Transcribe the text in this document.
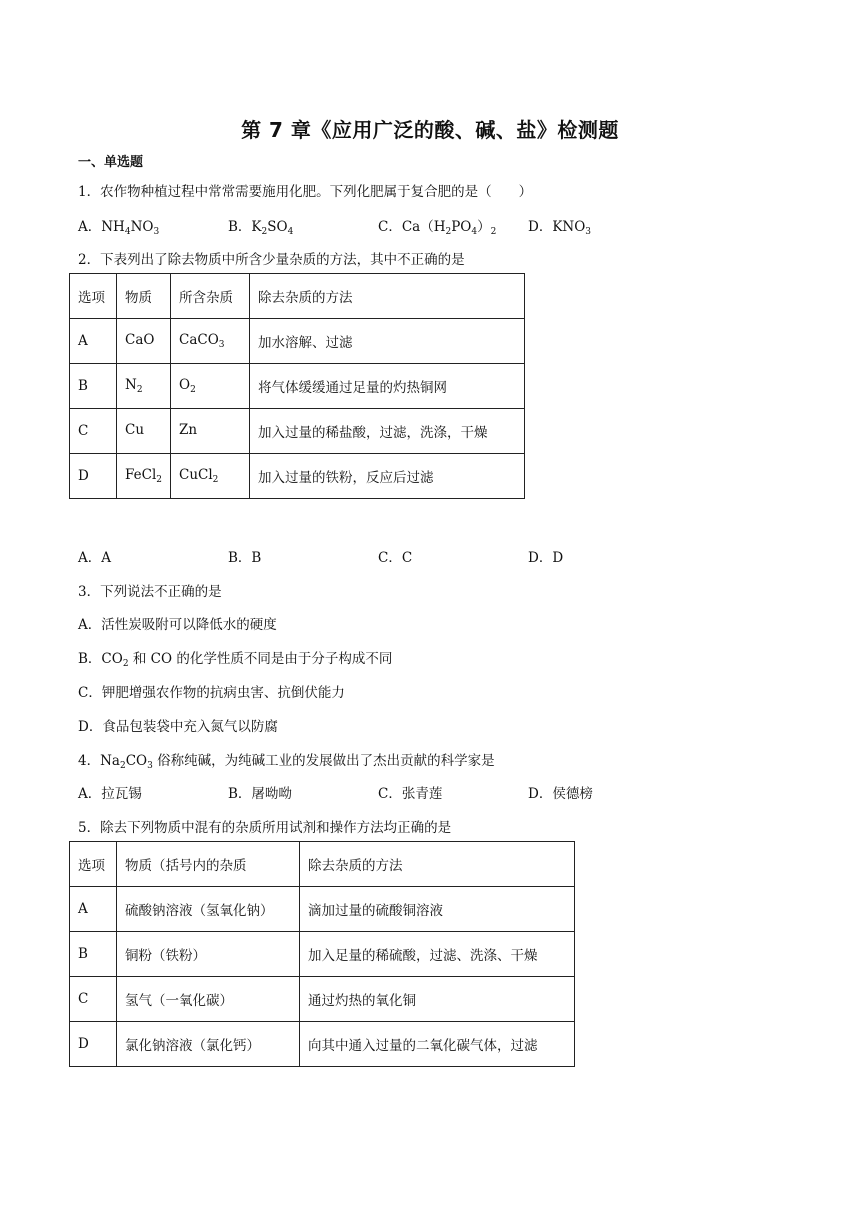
第 7 章《应用广泛的酸、碱、盐》检测题
一、单选题
1．农作物种植过程中常常需要施用化肥。下列化肥属于复合肥的是（　　）
A．$NH_4NO_3$	B．$K_2SO_4$	C．$Ca(H_2PO_4)_2$ D．$KNO_3$
2．下表列出了除去物质中所含少量杂质的方法，其中不正确的是
选项	物质	所含杂质	除去杂质的方法
A	CaO	CaCO$_3$	加水溶解、过滤
B	$N_2$	$O_2$	将气体缓缓通过足量的灼热铜网
C	Cu	Zn	加入过量的稀盐酸，过滤，洗涤，干燥
D	FeCl$_2$	CuCl$_2$	加入过量的铁粉，反应后过滤
A．A	B．B	C．C	D．D
3．下列说法不正确的是
A．活性炭吸附可以降低水的硬度
B．$CO_2$ 和 CO 的化学性质不同是由于分子构成不同
C．钾肥增强农作物的抗病虫害、抗倒伏能力
D．食品包装袋中充入氮气以防腐
4．$Na_2CO_3$ 俗称纯碱，为纯碱工业的发展做出了杰出贡献的科学家是
A．拉瓦锡	B．屠呦呦	C．张青莲	D．侯德榜
5．除去下列物质中混有的杂质所用试剂和操作方法均正确的是
选项	物质（括号内的杂质	除去杂质的方法
A	硫酸钠溶液（氢氧化钠）	滴加过量的硫酸铜溶液
B	铜粉（铁粉）	加入足量的稀硫酸，过滤、洗涤、干燥
C	氢气（一氧化碳）	通过灼热的氧化铜
D	氯化钠溶液（氯化钙）	向其中通入过量的二氧化碳气体，过滤
